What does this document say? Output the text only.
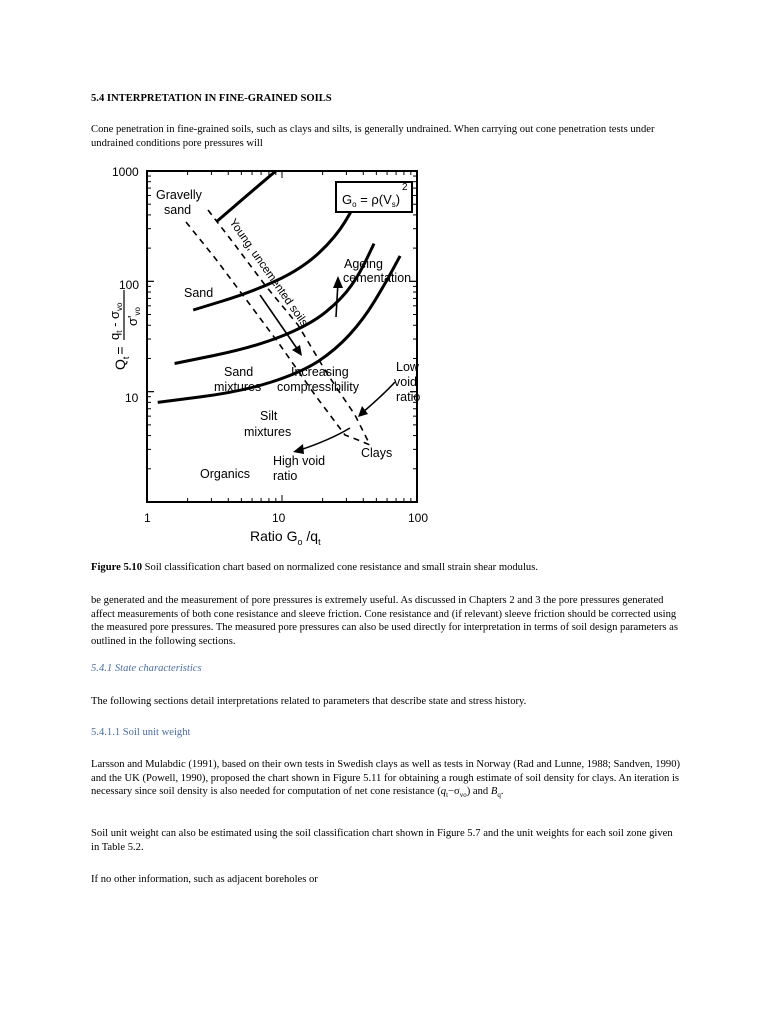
5.4 INTERPRETATION IN FINE-GRAINED SOILS

Cone penetration in fine-grained soils, such as clays and silts, is generally undrained. When carrying out cone penetration tests under undrained conditions pore pressures will

$G_o = \rho(V_s)$
2
Gravelly
sand
Sand
Sand
mixtures
Silt
mixtures
Organics
High void
ratio
Clays
Low
void
ratio
Ageing
cementation
Increasing
compressibility
Young, uncemented soils
1000
100
10
1	10	100
Ratio $G_o$ $/q_t$
$Q_t=$
$q_t - \sigma_{vo}$
$\sigma'_{vo}$

Figure 5.10 Soil classification chart based on normalized cone resistance and small strain shear modulus.

be generated and the measurement of pore pressures is extremely useful. As discussed in Chapters 2 and 3 the pore pressures generated affect measurements of both cone resistance and sleeve friction. Cone resistance and (if relevant) sleeve friction should be corrected using the measured pore pressures. The measured pore pressures can also be used directly for interpretation in terms of soil design parameters as outlined in the following sections.

5.4.1 State characteristics

The following sections detail interpretations related to parameters that describe state and stress history.

5.4.1.1 Soil unit weight

Larsson and Mulabdic (1991), based on their own tests in Swedish clays as well as tests in Norway (Rad and Lunne, 1988; Sandven, 1990) and the UK (Powell, 1990), proposed the chart shown in Figure 5.11 for obtaining a rough estimate of soil density for clays. An iteration is necessary since soil density is also needed for computation of net cone resistance $(q_t-\sigma_{vo})$ and $B_q$.

Soil unit weight can also be estimated using the soil classification chart shown in Figure 5.7 and the unit weights for each soil zone given in Table 5.2.

If no other information, such as adjacent boreholes or
